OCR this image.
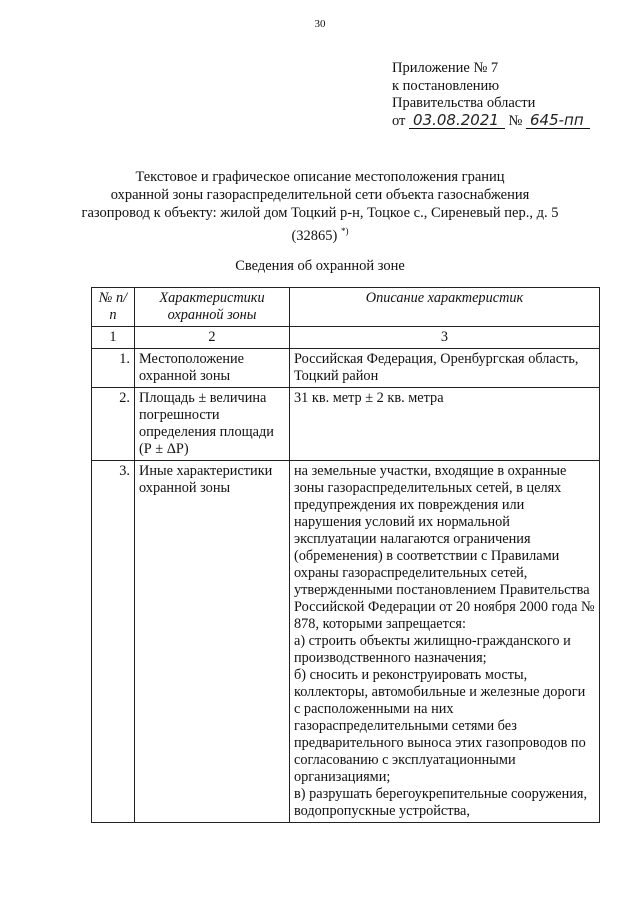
30
Приложение № 7
к постановлению
Правительства области
от 03.08.2021 № 645-пп
Текстовое и графическое описание местоположения границ
охранной зоны газораспределительной сети объекта газоснабжения
газопровод к объекту: жилой дом Тоцкий р-н, Тоцкое с., Сиреневый пер., д. 5
(32865) *)
Сведения об охранной зоне
№ п/п	Характеристики охранной зоны	Описание характеристик
1	2	3
1.	Местоположение охранной зоны	Российская Федерация, Оренбургская область, Тоцкий район
2.	Площадь ± величина погрешности определения площади (Р ± ΔР)	31 кв. метр ± 2 кв. метра
3.	Иные характеристики охранной зоны	на земельные участки, входящие в охранные зоны газораспределительных сетей, в целях предупреждения их повреждения или нарушения условий их нормальной эксплуатации налагаются ограничения (обременения) в соответствии с Правилами охраны газораспределительных сетей, утвержденными постановлением Правительства Российской Федерации от 20 ноября 2000 года № 878, которыми запрещается:
а) строить объекты жилищно-гражданского и производственного назначения;
б) сносить и реконструировать мосты, коллекторы, автомобильные и железные дороги с расположенными на них газораспределительными сетями без предварительного выноса этих газопроводов по согласованию с эксплуатационными организациями;
в) разрушать берегоукрепительные сооружения, водопропускные устройства,
